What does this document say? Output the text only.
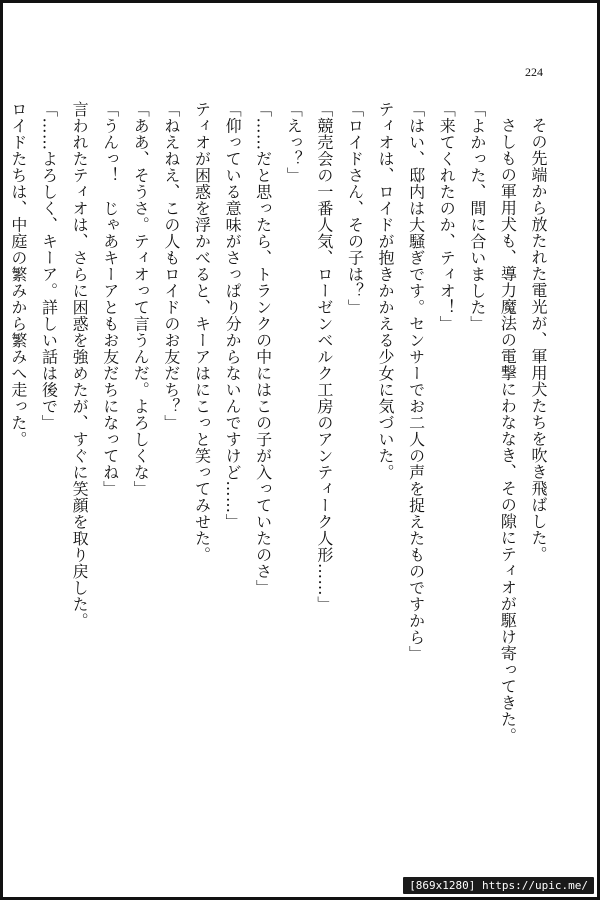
224
その先端から放たれた電光が、軍用犬たちを吹き飛ばした。
さしもの軍用犬も、導力魔法の電撃にわななき、その隙にティオが駆け寄ってきた。
「よかった、間に合いました」
「来てくれたのか、ティオ！」
「はい、邸内は大騒ぎです。センサーでお二人の声を捉えたものですから」
ティオは、ロイドが抱きかかえる少女に気づいた。
「ロイドさん、その子は？」
「競売会の一番人気、ローゼンベルク工房のアンティーク人形……」
「えっ？」
「……だと思ったら、トランクの中にはこの子が入っていたのさ」
「仰っている意味がさっぱり分からないんですけど……」
ティオが困惑を浮かべると、キーアはにこっと笑ってみせた。
「ねえねえ、この人もロイドのお友だち？」
「ああ、そうさ。ティオって言うんだ。よろしくな」
「うんっ！　じゃあキーアともお友だちになってね」
言われたティオは、さらに困惑を強めたが、すぐに笑顔を取り戻した。
「……よろしく、キーア。詳しい話は後で」
ロイドたちは、中庭の繁みから繁みへ走った。
[869x1280] https://upic.me/
